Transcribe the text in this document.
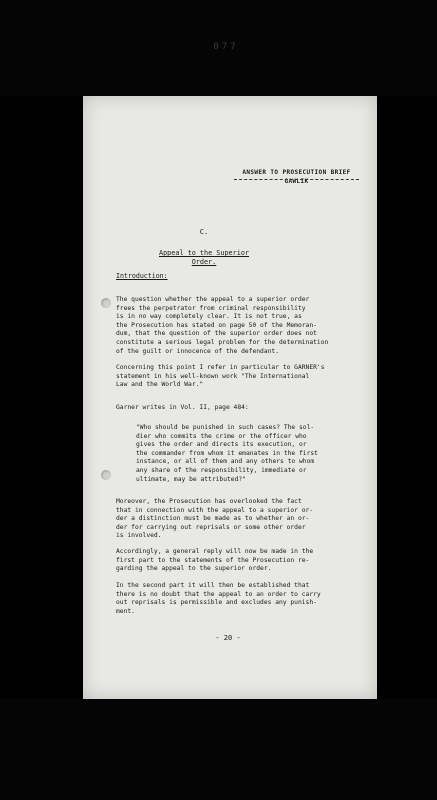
077
ANSWER TO PROSECUTION BRIEF GAWLIK
C.
Appeal to the Superior Order.
Introduction:
The question whether the appeal to a superior order
frees the perpetrator from criminal responsibility
is in no way completely clear. It is not true, as
the Prosecution has stated on page 50 of the Memoran-
dum, that the question of the superior order does not
constitute a serious legal problem for the determination
of the guilt or innocence of the defendant.
Concerning this point I refer in particular to GARNER's
statement in his well-known work "The International
Law and the World War."
Garner writes in Vol. II, page 484:
"Who should be punished in such cases? The sol-
dier who commits the crime or the officer who
gives the order and directs its execution, or
the commander from whom it emanates in the first
instance, or all of them and any others to whom
any share of the responsibility, immediate or
ultimate, may be attributed?"
Moreover, the Prosecution has overlooked the fact
that in connection with the appeal to a superior or-
der a distinction must be made as to whether an or-
der for carrying out reprisals or some other order
is involved.
Accordingly, a general reply will now be made in the
first part to the statements of the Prosecution re-
garding the appeal to the superior order.
In the second part it will then be established that
there is no doubt that the appeal to an order to carry
out reprisals is permissible and excludes any punish-
ment.
- 20 -
